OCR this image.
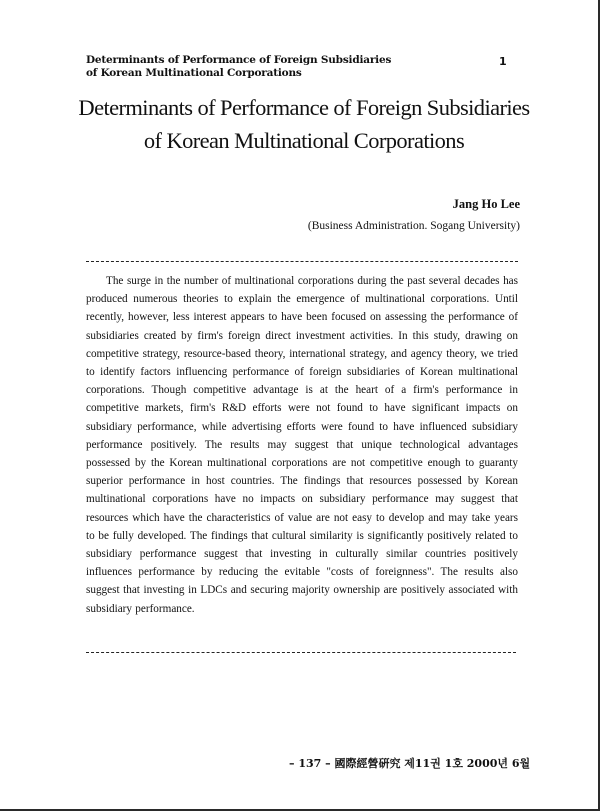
Determinants of Performance of Foreign Subsidiaries
of Korean Multinational Corporations
1
Determinants of Performance of Foreign Subsidiaries
of Korean Multinational Corporations
Jang Ho Lee
(Business Administration. Sogang University)

The surge in the number of multinational corporations during the past several decades has produced numerous theories to explain the emergence of multinational corporations. Until recently, however, less interest appears to have been focused on assessing the performance of subsidiaries created by firm's foreign direct investment activities. In this study, drawing on competitive strategy, resource-based theory, international strategy, and agency theory, we tried to identify factors influencing performance of foreign subsidiaries of Korean multinational corporations. Though competitive advantage is at the heart of a firm's performance in competitive markets, firm's R&D efforts were not found to have significant impacts on subsidiary performance, while advertising efforts were found to have influenced subsidiary performance positively. The results may suggest that unique technological advantages possessed by the Korean multinational corporations are not competitive enough to guaranty superior performance in host countries. The findings that resources possessed by Korean multinational corporations have no impacts on subsidiary performance may suggest that resources which have the characteristics of value are not easy to develop and may take years to be fully developed. The findings that cultural similarity is significantly positively related to subsidiary performance suggest that investing in culturally similar countries positively influences performance by reducing the evitable "costs of foreignness". The results also suggest that investing in LDCs and securing majority ownership are positively associated with subsidiary performance.

– 137 – 國際經營硏究 제11권 1호 2000년 6월
